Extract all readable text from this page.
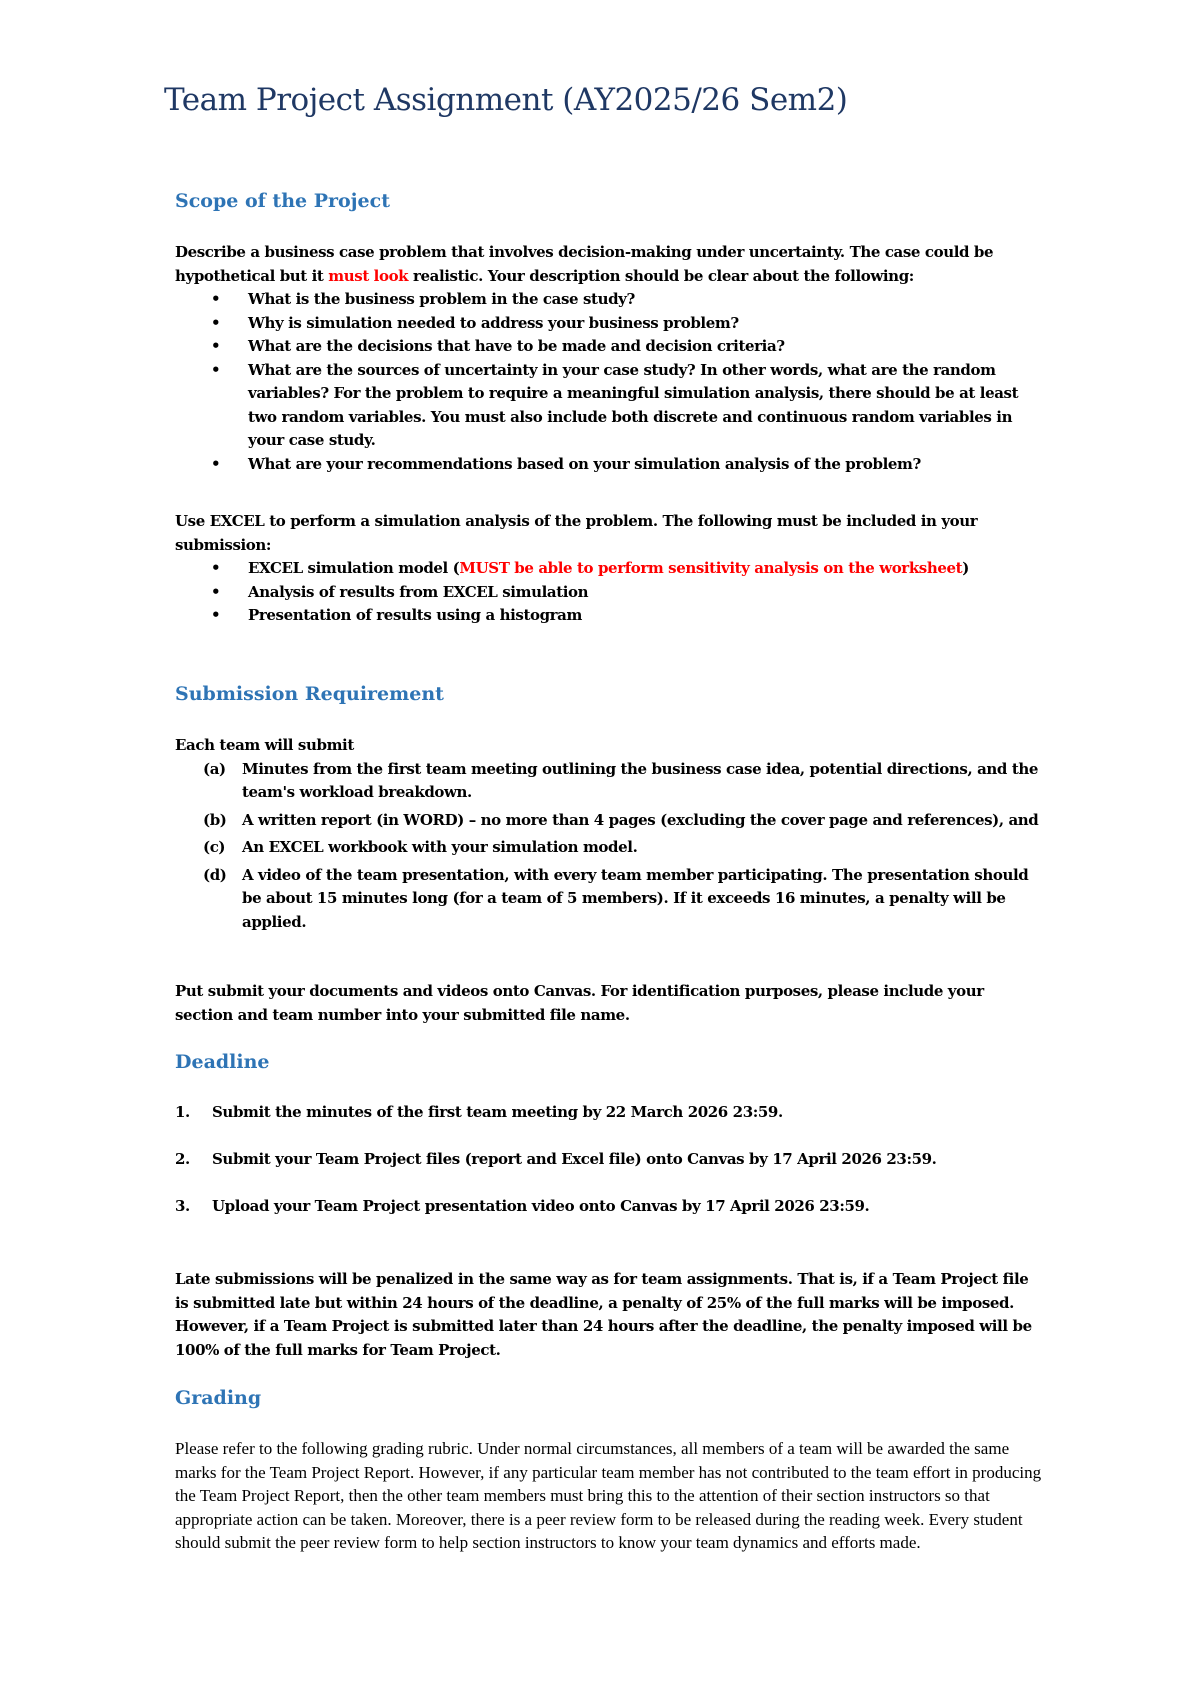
Team Project Assignment (AY2025/26 Sem2)
Scope of the Project
Describe a business case problem that involves decision-making under uncertainty. The case could be hypothetical but it must look realistic. Your description should be clear about the following:
• What is the business problem in the case study?
• Why is simulation needed to address your business problem?
• What are the decisions that have to be made and decision criteria?
• What are the sources of uncertainty in your case study? In other words, what are the random variables? For the problem to require a meaningful simulation analysis, there should be at least two random variables. You must also include both discrete and continuous random variables in your case study.
• What are your recommendations based on your simulation analysis of the problem?
Use EXCEL to perform a simulation analysis of the problem. The following must be included in your submission:
• EXCEL simulation model (MUST be able to perform sensitivity analysis on the worksheet)
• Analysis of results from EXCEL simulation
• Presentation of results using a histogram
Submission Requirement
Each team will submit
(a) Minutes from the first team meeting outlining the business case idea, potential directions, and the team's workload breakdown.
(b) A written report (in WORD) – no more than 4 pages (excluding the cover page and references), and
(c) An EXCEL workbook with your simulation model.
(d) A video of the team presentation, with every team member participating. The presentation should be about 15 minutes long (for a team of 5 members). If it exceeds 16 minutes, a penalty will be applied.
Put submit your documents and videos onto Canvas. For identification purposes, please include your section and team number into your submitted file name.
Deadline
1. Submit the minutes of the first team meeting by 22 March 2026 23:59.
2. Submit your Team Project files (report and Excel file) onto Canvas by 17 April 2026 23:59.
3. Upload your Team Project presentation video onto Canvas by 17 April 2026 23:59.
Late submissions will be penalized in the same way as for team assignments. That is, if a Team Project file is submitted late but within 24 hours of the deadline, a penalty of 25% of the full marks will be imposed. However, if a Team Project is submitted later than 24 hours after the deadline, the penalty imposed will be 100% of the full marks for Team Project.
Grading

Please refer to the following grading rubric. Under normal circumstances, all members of a team will be awarded the same marks for the Team Project Report. However, if any particular team member has not contributed to the team effort in producing the Team Project Report, then the other team members must bring this to the attention of their section instructors so that appropriate action can be taken. Moreover, there is a peer review form to be released during the reading week. Every student should submit the peer review form to help section instructors to know your team dynamics and efforts made.
